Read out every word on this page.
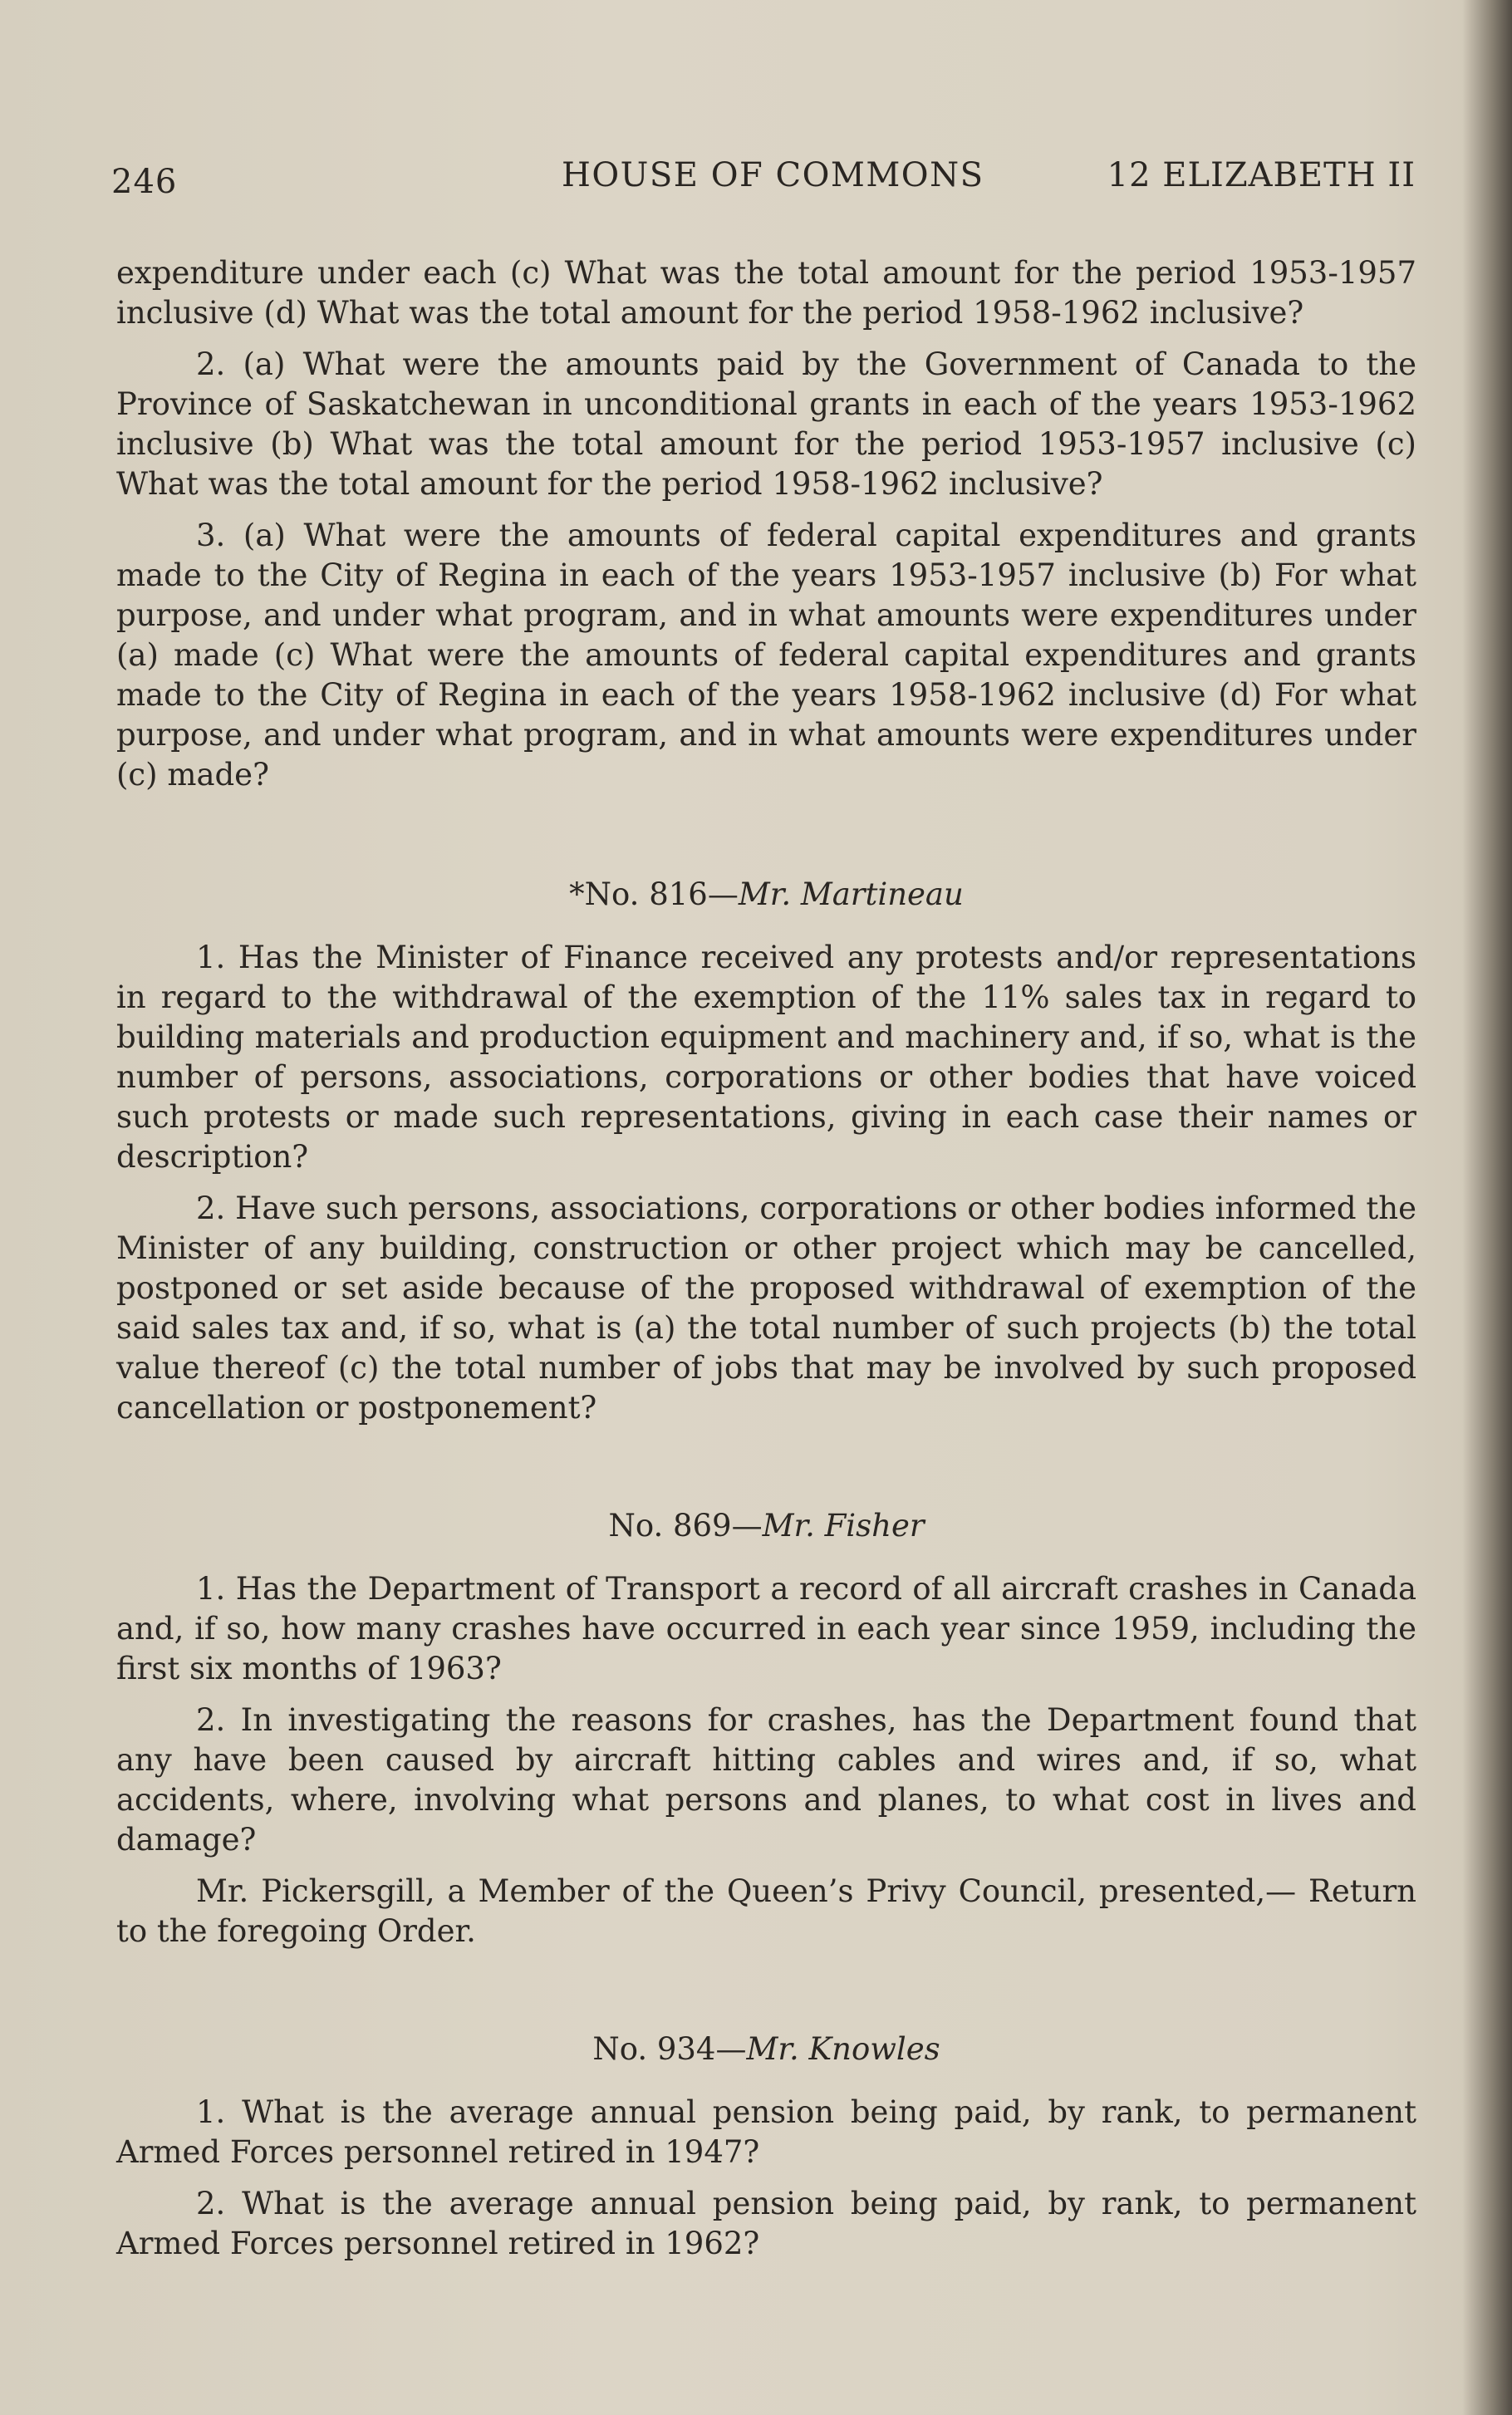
246	HOUSE OF COMMONS	12 ELIZABETH II

expenditure under each (c) What was the total amount for the period 1953-1957 inclusive (d) What was the total amount for the period 1958-1962 inclusive?

2. (a) What were the amounts paid by the Government of Canada to the Province of Saskatchewan in unconditional grants in each of the years 1953-1962 inclusive (b) What was the total amount for the period 1953-1957 inclusive (c) What was the total amount for the period 1958-1962 inclusive?

3. (a) What were the amounts of federal capital expenditures and grants made to the City of Regina in each of the years 1953-1957 inclusive (b) For what purpose, and under what program, and in what amounts were expenditures under (a) made (c) What were the amounts of federal capital expenditures and grants made to the City of Regina in each of the years 1958-1962 inclusive (d) For what purpose, and under what program, and in what amounts were expenditures under (c) made?

*No. 816—Mr. Martineau

1. Has the Minister of Finance received any protests and/or representations in regard to the withdrawal of the exemption of the 11% sales tax in regard to building materials and production equipment and machinery and, if so, what is the number of persons, associations, corporations or other bodies that have voiced such protests or made such representations, giving in each case their names or description?

2. Have such persons, associations, corporations or other bodies informed the Minister of any building, construction or other project which may be cancelled, postponed or set aside because of the proposed withdrawal of exemption of the said sales tax and, if so, what is (a) the total number of such projects (b) the total value thereof (c) the total number of jobs that may be involved by such proposed cancellation or postponement?

No. 869—Mr. Fisher

1. Has the Department of Transport a record of all aircraft crashes in Canada and, if so, how many crashes have occurred in each year since 1959, including the first six months of 1963?

2. In investigating the reasons for crashes, has the Department found that any have been caused by aircraft hitting cables and wires and, if so, what accidents, where, involving what persons and planes, to what cost in lives and damage?

Mr. Pickersgill, a Member of the Queen’s Privy Council, presented,— Return to the foregoing Order.

No. 934—Mr. Knowles

1. What is the average annual pension being paid, by rank, to permanent Armed Forces personnel retired in 1947?

2. What is the average annual pension being paid, by rank, to permanent Armed Forces personnel retired in 1962?
